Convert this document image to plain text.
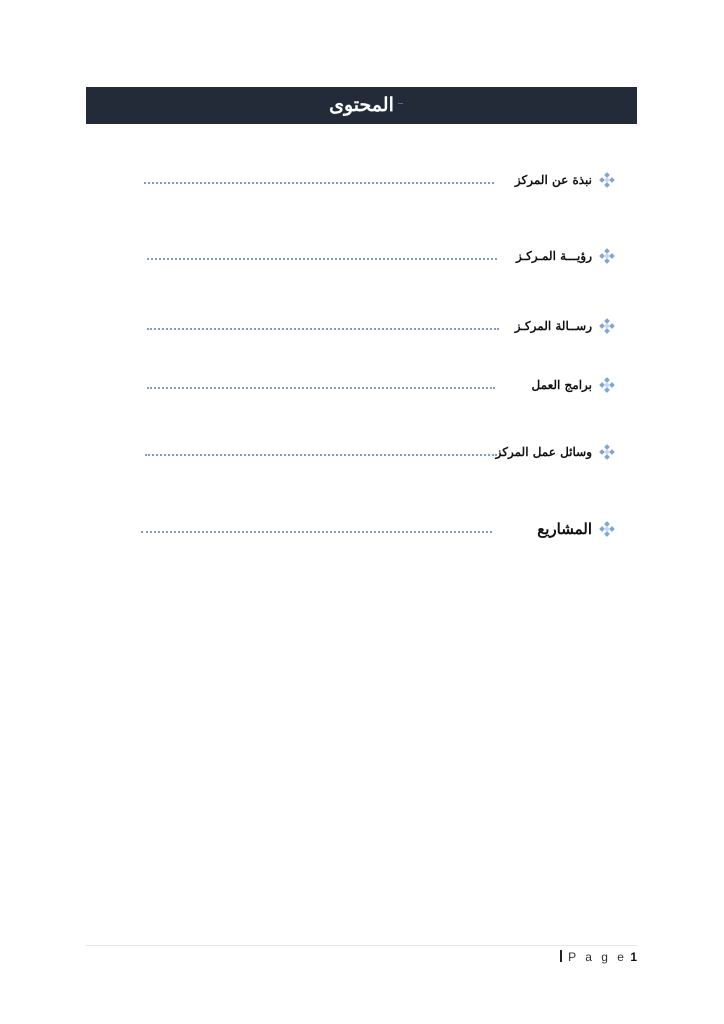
المحتوى
نبذة عن المركز
رؤيـــة المـركـز
رســالة المركـز
برامج العمل
وسائل عمل المركز
المشاريع
P a g e 1
